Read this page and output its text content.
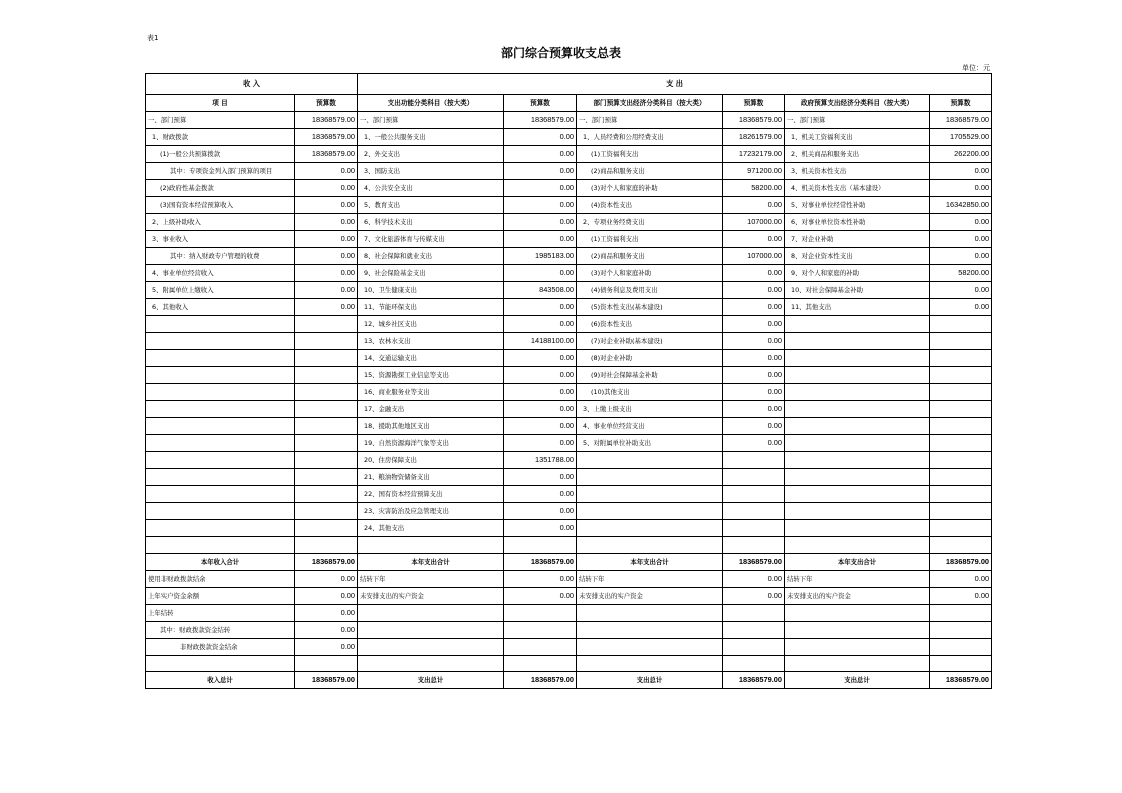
表1
部门综合预算收支总表
单位：元
收 入		支 出					
项 目	预算数	支出功能分类科目（按大类）	预算数	部门预算支出经济分类科目（按大类）	预算数	政府预算支出经济分类科目（按大类）	预算数
一、部门预算	18368579.00	一、部门预算	18368579.00	一、部门预算	18368579.00	一、部门预算	18368579.00
1、财政拨款	18368579.00	1、一般公共服务支出	0.00	1、人员经费和公用经费支出	18261579.00	1、机关工资福利支出	1705529.00
(1)一般公共预算拨款	18368579.00	2、外交支出	0.00	(1)工资福利支出	17232179.00	2、机关商品和服务支出	262200.00
其中：专项资金列入部门预算的项目	0.00	3、国防支出	0.00	(2)商品和服务支出	971200.00	3、机关资本性支出	0.00
(2)政府性基金拨款	0.00	4、公共安全支出	0.00	(3)对个人和家庭的补助	58200.00	4、机关资本性支出（基本建设）	0.00
(3)国有资本经营预算收入	0.00	5、教育支出	0.00	(4)资本性支出	0.00	5、对事业单位经常性补助	16342850.00
2、上级补助收入	0.00	6、科学技术支出	0.00	2、专项业务经费支出	107000.00	6、对事业单位资本性补助	0.00
3、事业收入	0.00	7、文化旅游体育与传媒支出	0.00	(1)工资福利支出	0.00	7、对企业补助	0.00
其中：纳入财政专户管理的收费	0.00	8、社会保障和就业支出	1985183.00	(2)商品和服务支出	107000.00	8、对企业资本性支出	0.00
4、事业单位经营收入	0.00	9、社会保险基金支出	0.00	(3)对个人和家庭补助	0.00	9、对个人和家庭的补助	58200.00
5、附属单位上缴收入	0.00	10、卫生健康支出	843508.00	(4)债务利息及费用支出	0.00	10、对社会保障基金补助	0.00
6、其他收入	0.00	11、节能环保支出	0.00	(5)资本性支出(基本建设)	0.00	11、其他支出	0.00
		12、城乡社区支出	0.00	(6)资本性支出	0.00		
		13、农林水支出	14188100.00	(7)对企业补助(基本建设)	0.00		
		14、交通运输支出	0.00	(8)对企业补助	0.00		
		15、资源勘探工业信息等支出	0.00	(9)对社会保障基金补助	0.00		
		16、商业服务业等支出	0.00	(10)其他支出	0.00		
		17、金融支出	0.00	3、上缴上级支出	0.00		
		18、援助其他地区支出	0.00	4、事业单位经营支出	0.00		
		19、自然资源海洋气象等支出	0.00	5、对附属单位补助支出	0.00		
		20、住房保障支出	1351788.00				
		21、粮油物资储备支出	0.00				
		22、国有资本经营预算支出	0.00				
		23、灾害防治及应急管理支出	0.00				
		24、其他支出	0.00				

本年收入合计	18368579.00	本年支出合计	18368579.00	本年支出合计	18368579.00	本年支出合计	18368579.00
使用非财政拨款结余	0.00	结转下年	0.00	结转下年	0.00	结转下年	0.00
上年实户资金余额	0.00	未安排支出的实户资金	0.00	未安排支出的实户资金	0.00	未安排支出的实户资金	0.00
上年结转	0.00						
其中：财政拨款资金结转	0.00						
非财政拨款资金结余	0.00						

收入总计	18368579.00	支出总计	18368579.00	支出总计	18368579.00	支出总计	18368579.00
